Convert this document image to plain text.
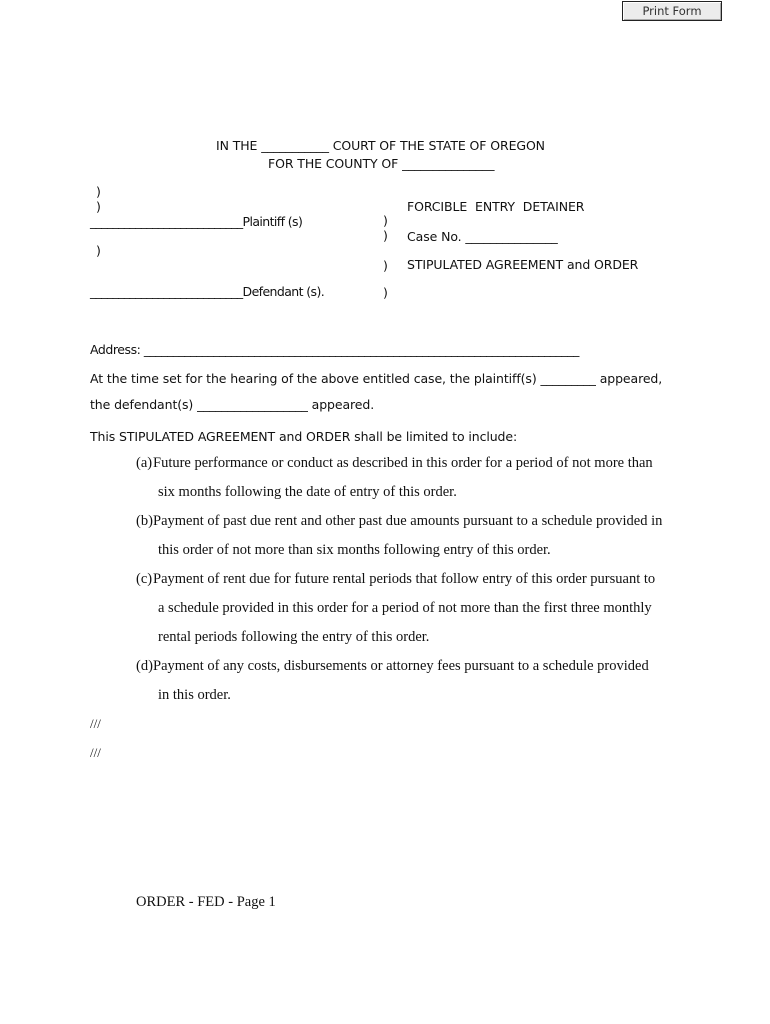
Print Form
IN THE ___________ COURT OF THE STATE OF OREGON
FOR THE COUNTY OF _______________
)
)
___________________________Plaintiff (s)
)
___________________________Defendant (s).
)
)
)
)
FORCIBLE ENTRY DETAINER
Case No. _______________
STIPULATED AGREEMENT and ORDER
Address: ___________________________________________________________________________
At the time set for the hearing of the above entitled case, the plaintiff(s) _________ appeared,
the defendant(s) __________________ appeared.
This STIPULATED AGREEMENT and ORDER shall be limited to include:
(a) Future performance or conduct as described in this order for a period of not more than
six months following the date of entry of this order.
(b) Payment of past due rent and other past due amounts pursuant to a schedule provided in
this order of not more than six months following entry of this order.
(c) Payment of rent due for future rental periods that follow entry of this order pursuant to
a schedule provided in this order for a period of not more than the first three monthly
rental periods following the entry of this order.
(d) Payment of any costs, disbursements or attorney fees pursuant to a schedule provided
in this order.
///
///
ORDER - FED - Page 1
